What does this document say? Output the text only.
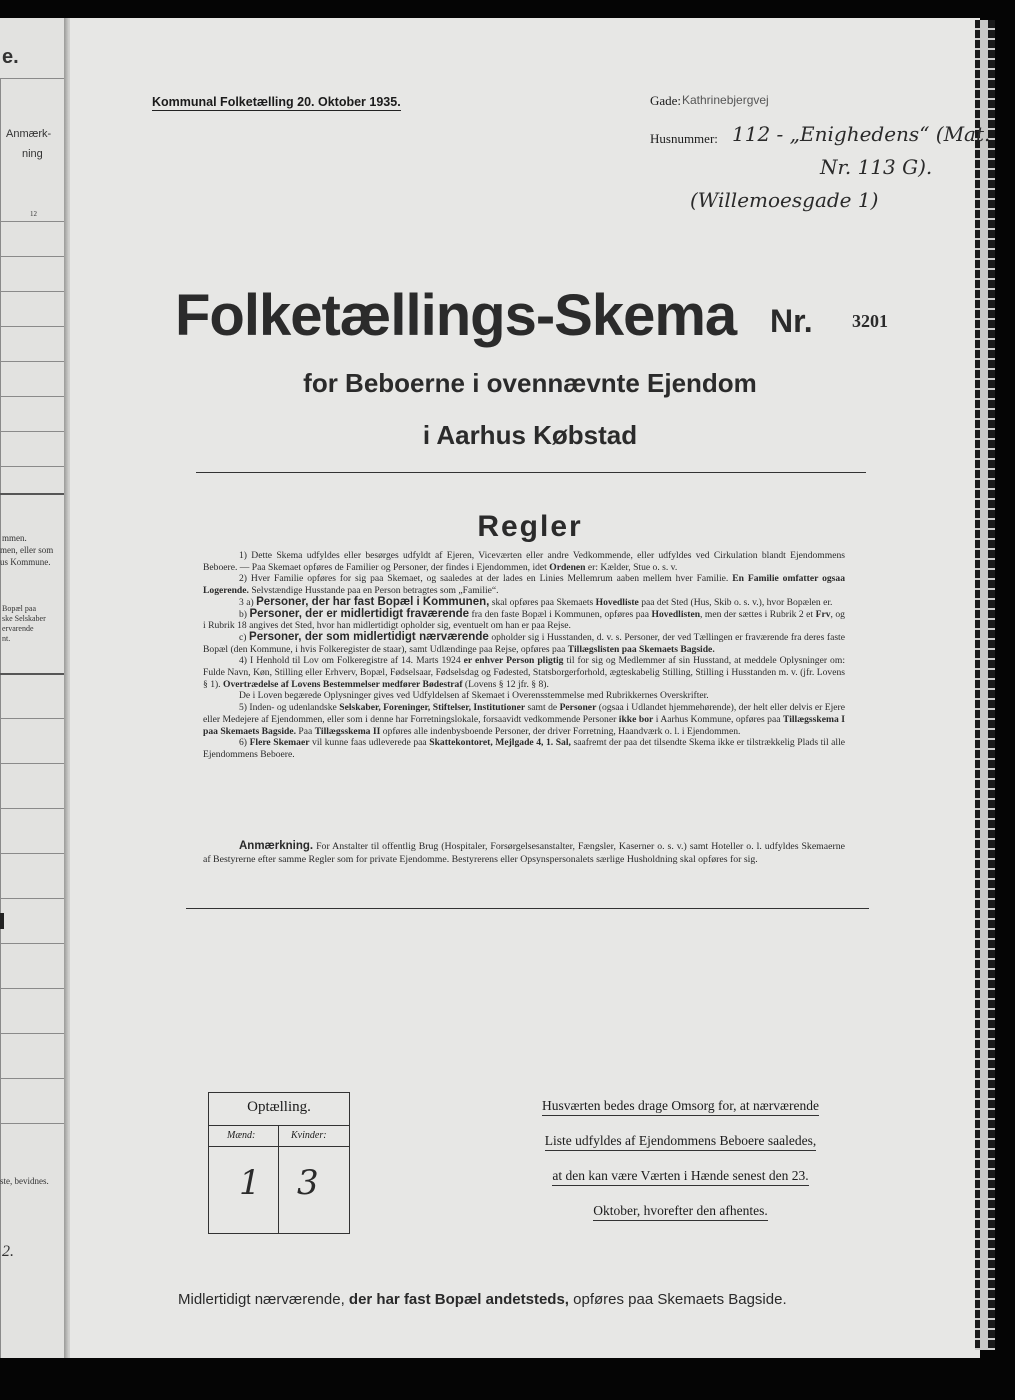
e.
Anmærk-
ning
12
mmen.
men, eller som
us Kommune.
Bopæl paa
ske Selskaber
ervarende
nt.
ste, bevidnes.
2.
Kommunal Folketælling 20. Oktober 1935.	Gade: Kathrinebjergvej
Husnummer: 112 - „Enighedens“ (Mat.
Nr. 113 G).
(Willemoesgade 1)
Folketællings-Skema Nr. 3201
for Beboerne i ovennævnte Ejendom
i Aarhus Købstad
Regler

1) Dette Skema udfyldes eller besørges udfyldt af Ejeren, Viceværten eller andre Vedkommende, eller udfyldes ved Cirkulation blandt Ejendommens Beboere. — Paa Skemaet opføres de Familier og Personer, der findes i Ejendommen, idet Ordenen er: Kælder, Stue o. s. v.

2) Hver Familie opføres for sig paa Skemaet, og saaledes at der lades en Linies Mellemrum aaben mellem hver Familie. En Familie omfatter ogsaa Logerende. Selvstændige Husstande paa en Person betragtes som „Familie“.

3 a) Personer, der har fast Bopæl i Kommunen, skal opføres paa Skemaets Hovedliste paa det Sted (Hus, Skib o. s. v.), hvor Bopælen er.

b) Personer, der er midlertidigt fraværende fra den faste Bopæl i Kommunen, opføres paa Hovedlisten, men der sættes i Rubrik 2 et Frv, og i Rubrik 18 angives det Sted, hvor han midlertidigt opholder sig, eventuelt om han er paa Rejse.

c) Personer, der som midlertidigt nærværende opholder sig i Husstanden, d. v. s. Personer, der ved Tællingen er fraværende fra deres faste Bopæl (den Kommune, i hvis Folkeregister de staar), samt Udlændinge paa Rejse, opføres paa Tillægslisten paa Skemaets Bagside.

4) I Henhold til Lov om Folkeregistre af 14. Marts 1924 er enhver Person pligtig til for sig og Medlemmer af sin Husstand, at meddele Oplysninger om: Fulde Navn, Køn, Stilling eller Erhverv, Bopæl, Fødselsaar, Fødselsdag og Fødested, Statsborgerforhold, ægteskabelig Stilling, Stilling i Husstanden m. v. (jfr. Lovens § 1). Overtrædelse af Lovens Bestemmelser medfører Bødestraf (Lovens § 12 jfr. § 8).

De i Loven begærede Oplysninger gives ved Udfyldelsen af Skemaet i Overensstemmelse med Rubrikkernes Overskrifter.

5) Inden- og udenlandske Selskaber, Foreninger, Stiftelser, Institutioner samt de Personer (ogsaa i Udlandet hjemmehørende), der helt eller delvis er Ejere eller Medejere af Ejendommen, eller som i denne har Forretningslokale, forsaavidt vedkommende Personer ikke bor i Aarhus Kommune, opføres paa Tillægsskema I paa Skemaets Bagside. Paa Tillægsskema II opføres alle indenbysboende Personer, der driver Forretning, Haandværk o. l. i Ejendommen.

6) Flere Skemaer vil kunne faas udleverede paa Skattekontoret, Mejlgade 4, 1. Sal, saafremt der paa det tilsendte Skema ikke er tilstrækkelig Plads til alle Ejendommens Beboere.

Anmærkning. For Anstalter til offentlig Brug (Hospitaler, Forsørgelsesanstalter, Fængsler, Kaserner o. s. v.) samt Hoteller o. l. udfyldes Skemaerne af Bestyrerne efter samme Regler som for private Ejendomme. Bestyrerens eller Opsynspersonalets særlige Husholdning skal opføres for sig.

Optælling.
Mænd:	Kvinder:
1 3
Husværten bedes drage Omsorg for, at nærværende
Liste udfyldes af Ejendommens Beboere saaledes,
at den kan være Værten i Hænde senest den 23.
Oktober, hvorefter den afhentes.
Midlertidigt nærværende, der har fast Bopæl andetsteds, opføres paa Skemaets Bagside.
